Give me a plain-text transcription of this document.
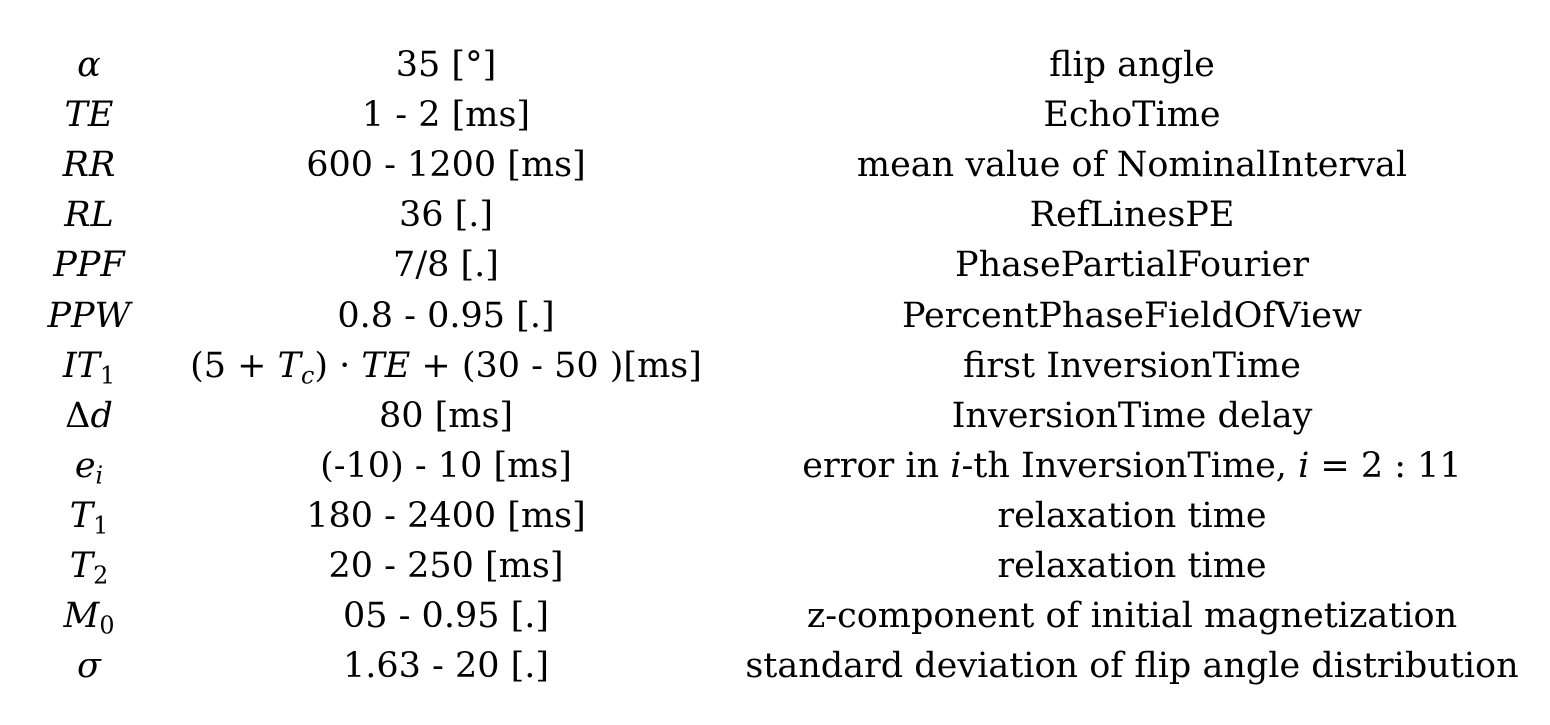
α	35 [°]	flip angle
TE	1 - 2 [ms]	EchoTime
RR	600 - 1200 [ms]	mean value of NominalInterval
RL	36 [.]	RefLinesPE
PPF	7/8 [.]	PhasePartialFourier
PPW	0.8 - 0.95 [.]	PercentPhaseFieldOfView
$IT_1$	$(5 + T_c)$ · TE + (30 - 50 )[ms]	first InversionTime
Δd	80 [ms]	InversionTime delay
$e_i$	(-10) - 10 [ms]	error in i-th InversionTime, i = 2 : 11
$T_1$	180 - 2400 [ms]	relaxation time
$T_2$	20 - 250 [ms]	relaxation time
$M_0$	05 - 0.95 [.]	z-component of initial magnetization
σ	1.63 - 20 [.]	standard deviation of flip angle distribution
